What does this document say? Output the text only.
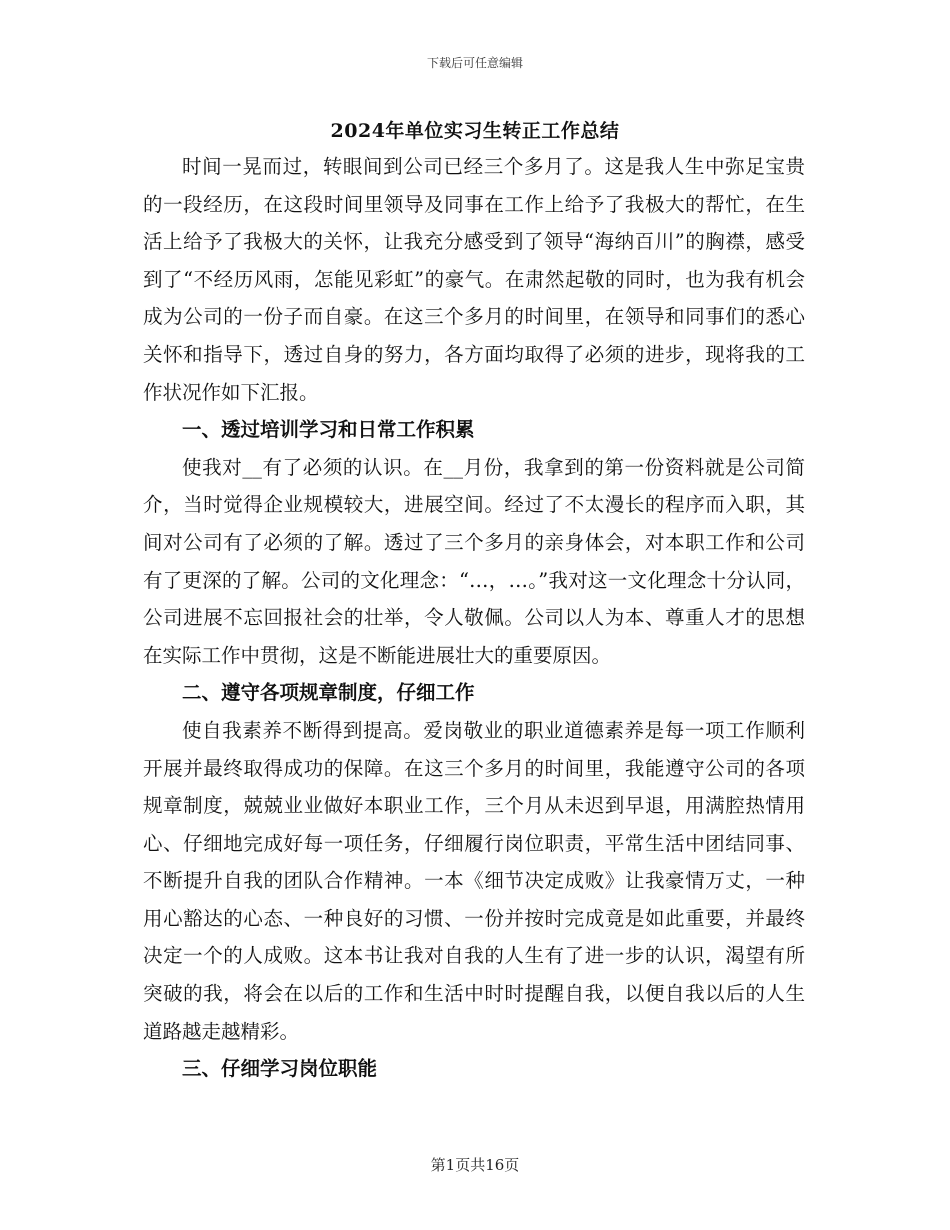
下载后可任意编辑
2024年单位实习生转正工作总结

时间一晃而过，转眼间到公司已经三个多月了。这是我人生中弥足宝贵的一段经历，在这段时间里领导及同事在工作上给予了我极大的帮忙，在生活上给予了我极大的关怀，让我充分感受到了领导“海纳百川”的胸襟，感受到了“不经历风雨，怎能见彩虹”的豪气。在肃然起敬的同时，也为我有机会成为公司的一份子而自豪。在这三个多月的时间里，在领导和同事们的悉心关怀和指导下，透过自身的努力，各方面均取得了必须的进步，现将我的工作状况作如下汇报。

一、透过培训学习和日常工作积累

使我对__有了必须的认识。在__月份，我拿到的第一份资料就是公司简介，当时觉得企业规模较大，进展空间。经过了不太漫长的程序而入职，其间对公司有了必须的了解。透过了三个多月的亲身体会，对本职工作和公司有了更深的了解。公司的文化理念：“…，…。”我对这一文化理念十分认同，公司进展不忘回报社会的壮举，令人敬佩。公司以人为本、尊重人才的思想在实际工作中贯彻，这是不断能进展壮大的重要原因。

二、遵守各项规章制度，仔细工作

使自我素养不断得到提高。爱岗敬业的职业道德素养是每一项工作顺利开展并最终取得成功的保障。在这三个多月的时间里，我能遵守公司的各项规章制度，兢兢业业做好本职业工作，三个月从未迟到早退，用满腔热情用心、仔细地完成好每一项任务，仔细履行岗位职责，平常生活中团结同事、不断提升自我的团队合作精神。一本《细节决定成败》让我豪情万丈，一种用心豁达的心态、一种良好的习惯、一份并按时完成竟是如此重要，并最终决定一个的人成败。这本书让我对自我的人生有了进一步的认识，渴望有所突破的我，将会在以后的工作和生活中时时提醒自我，以便自我以后的人生道路越走越精彩。

三、仔细学习岗位职能
第1页共16页
